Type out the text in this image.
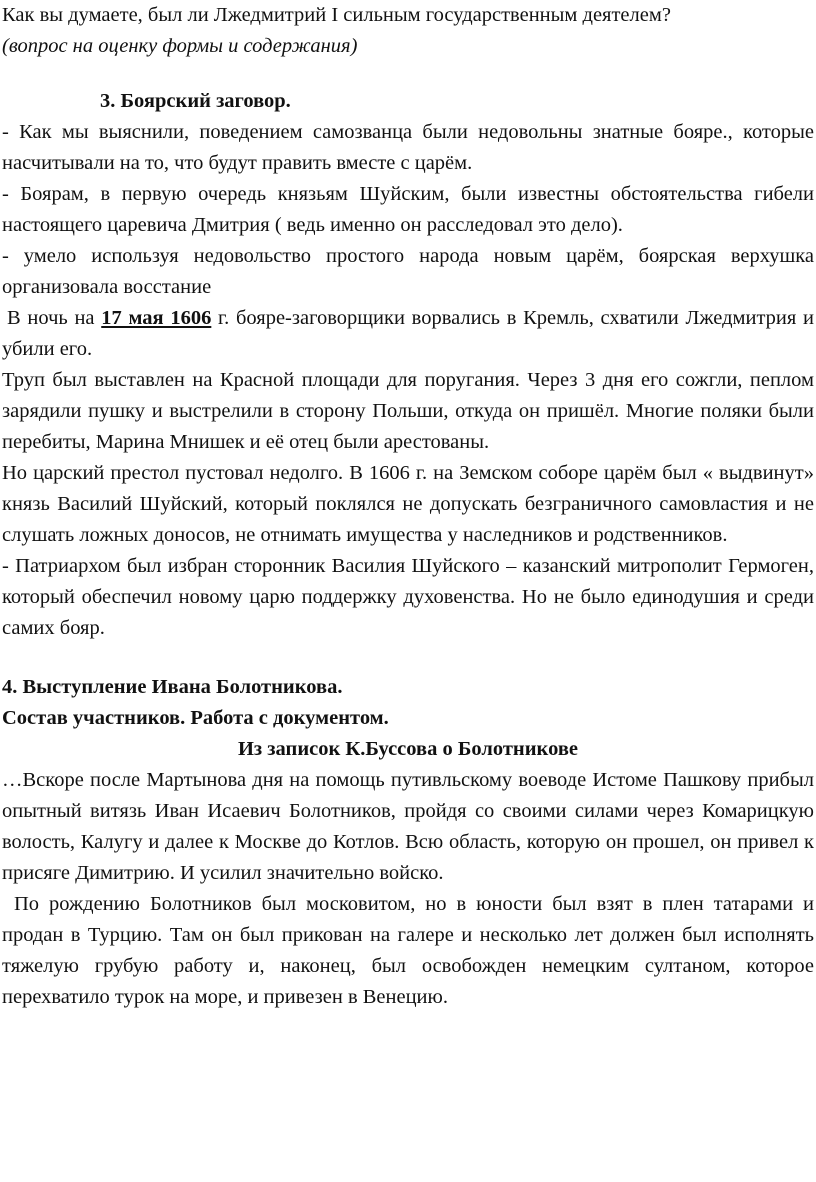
Как вы думаете, был ли Лжедмитрий I сильным государственным деятелем?

(вопрос на оценку формы и содержания)

3. Боярский заговор.

- Как мы выяснили, поведением самозванца были недовольны знатные бояре., которые насчитывали на то, что будут править вместе с царём.

- Боярам, в первую очередь князьям Шуйским, были известны обстоятельства гибели настоящего царевича Дмитрия ( ведь именно он расследовал это дело).

- умело используя недовольство простого народа новым царём, боярская верхушка организовала восстание

В ночь на 17 мая 1606 г. бояре-заговорщики ворвались в Кремль, схватили Лжедмитрия и убили его.

Труп был выставлен на Красной площади для поругания. Через 3 дня его сожгли, пеплом зарядили пушку и выстрелили в сторону Польши, откуда он пришёл. Многие поляки были перебиты, Марина Мнишек и её отец были арестованы.

Но царский престол пустовал недолго. В 1606 г. на Земском соборе царём был « выдвинут» князь Василий Шуйский, который поклялся не допускать безграничного самовластия и не слушать ложных доносов, не отнимать имущества у наследников и родственников.

- Патриархом был избран сторонник Василия Шуйского – казанский митрополит Гермоген, который обеспечил новому царю поддержку духовенства. Но не было единодушия и среди самих бояр.

4. Выступление Ивана Болотникова.

Состав участников. Работа с документом.

Из записок К.Буссова о Болотникове

…Вскоре после Мартынова дня на помощь путивльскому воеводе Истоме Пашкову прибыл опытный витязь Иван Исаевич Болотников, пройдя со своими силами через Комарицкую волость, Калугу и далее к Москве до Котлов. Всю область, которую он прошел, он привел к присяге Димитрию. И усилил значительно войско.

По рождению Болотников был московитом, но в юности был взят в плен татарами и продан в Турцию. Там он был прикован на галере и несколько лет должен был исполнять тяжелую грубую работу и, наконец, был освобожден немецким султаном, которое перехватило турок на море, и привезен в Венецию.
